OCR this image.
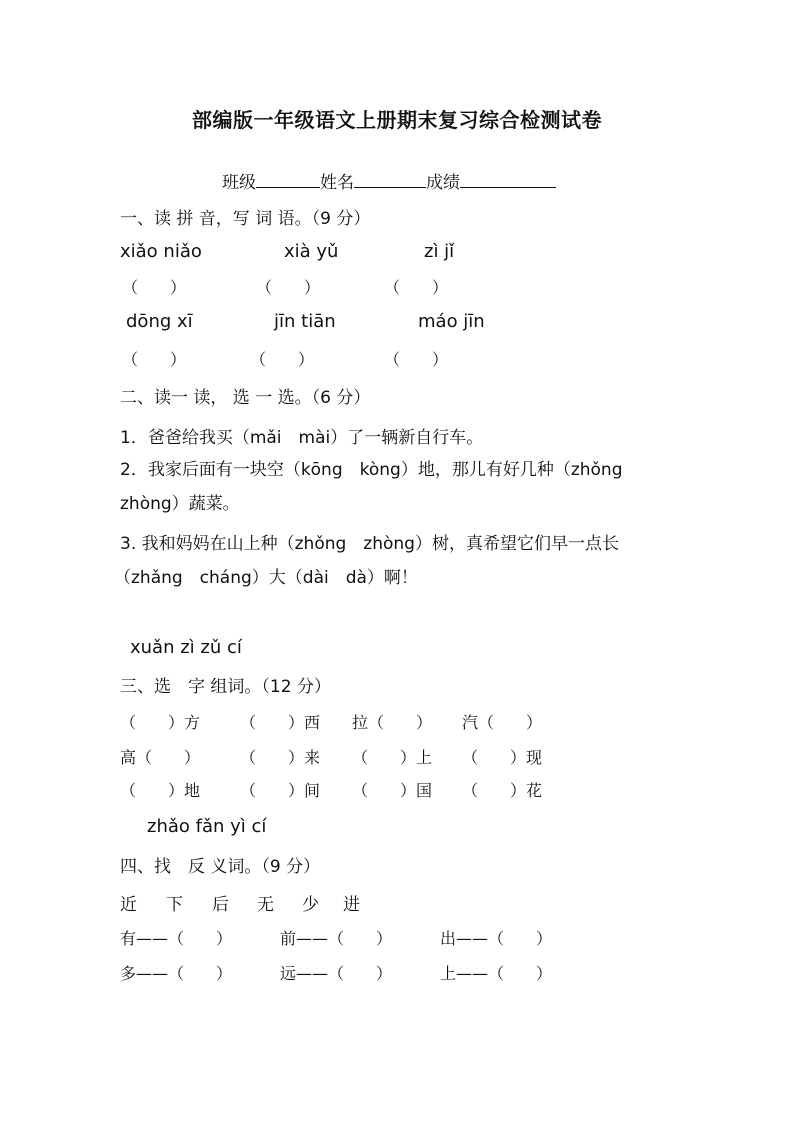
部编版一年级语文上册期末复习综合检测试卷
班级	姓名	成绩
一、读 拼 音，写 词 语。（9 分）
xiǎo niǎo	xià yǔ	zì jǐ
（　　）	（　　）	（　　）
dōng xī	jīn tiān	máo jīn
（　　）	（　　）	（　　）
二、读一 读， 选 一 选。（6 分）
1．爸爸给我买（mǎi　mài）了一辆新自行车。
2．我家后面有一块空（kōng　kòng）地，那儿有好几种（zhǒng
zhòng）蔬菜。
3. 我和妈妈在山上种（zhǒng　zhòng）树，真希望它们早一点长
（zhǎng　cháng）大（dài　dà）啊！
xuǎn zì zǔ cí
三、选　字 组词。（12 分）
（　　）方 （　　）西 拉（　　） 汽（　　）
高（　　） （　　）来 （　　）上 （　　）现
（　　）地 （　　）间 （　　）国 （　　）花
zhǎo fǎn yì cí
四、找　反 义词。（9 分）
近 下 后 无 少 进
有——（　　）	前——（　　）	出——（　　）
多——（　　）	远——（　　）	上——（　　）
